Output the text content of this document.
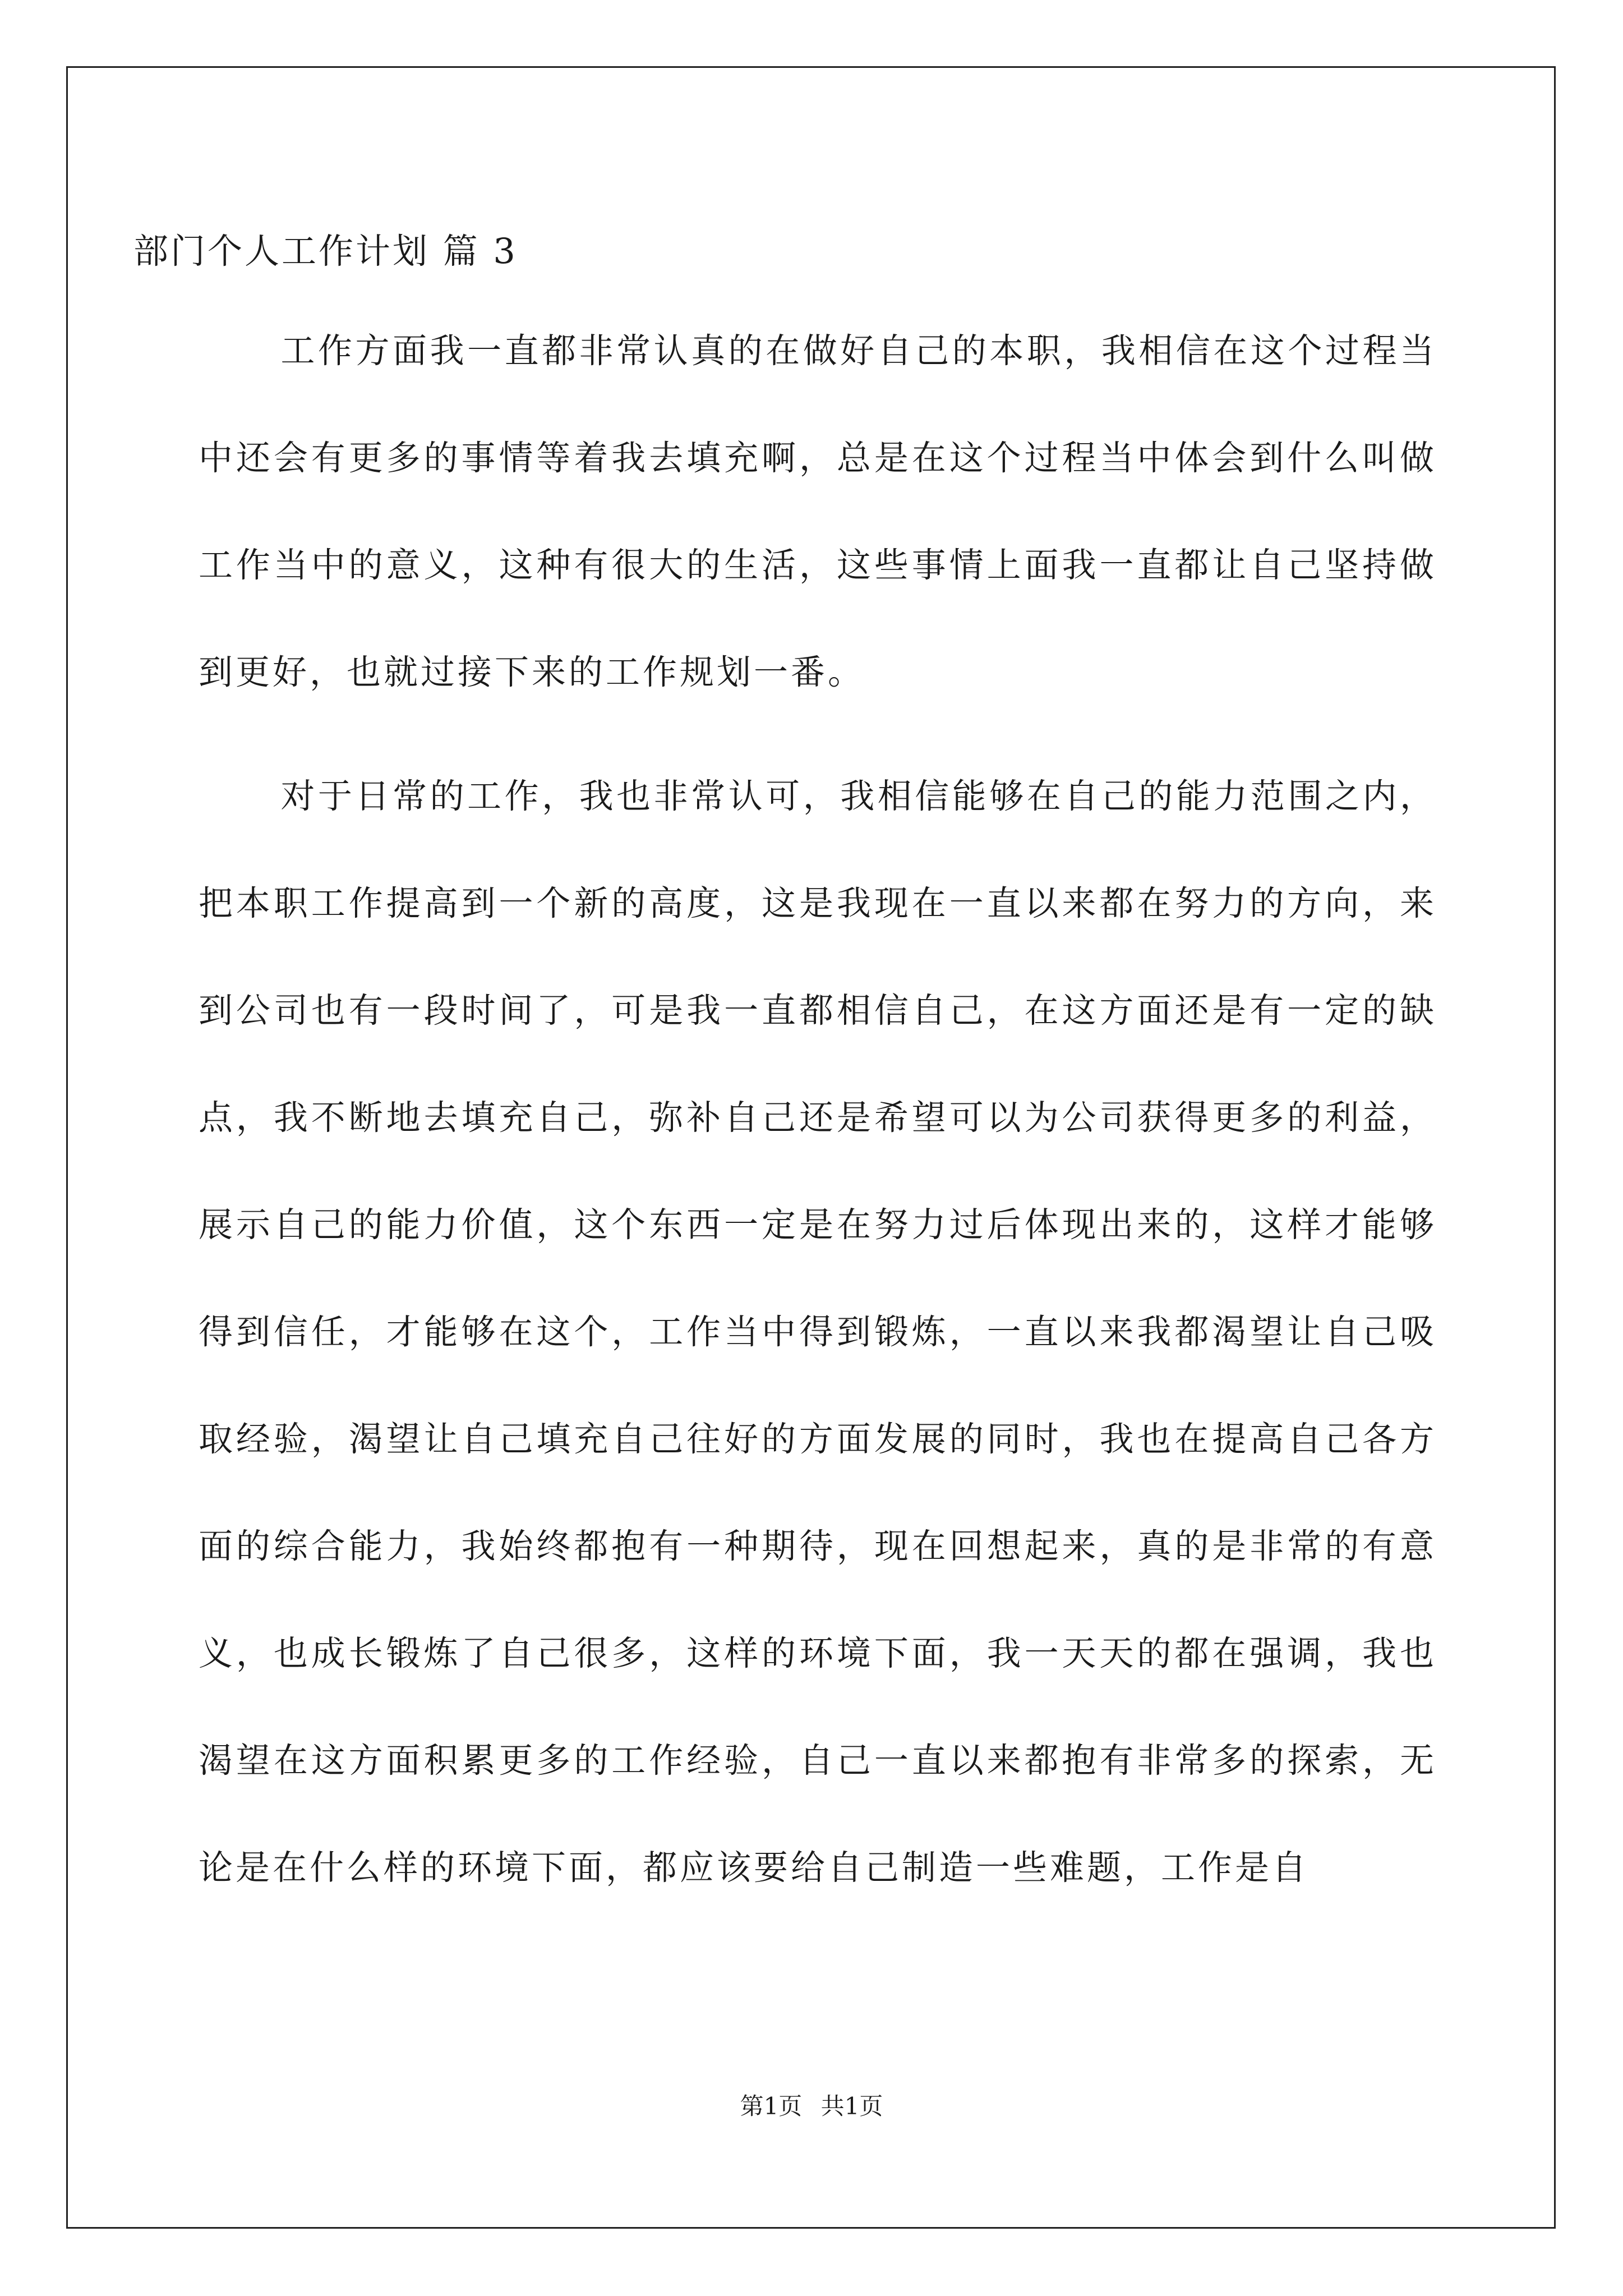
部门个人工作计划 篇 3

工作方面我一直都非常认真的在做好自己的本职，我相信在这个过程当中还会有更多的事情等着我去填充啊，总是在这个过程当中体会到什么叫做工作当中的意义，这种有很大的生活，这些事情上面我一直都让自己坚持做到更好，也就过接下来的工作规划一番。

对于日常的工作，我也非常认可，我相信能够在自己的能力范围之内，把本职工作提高到一个新的高度，这是我现在一直以来都在努力的方向，来到公司也有一段时间了，可是我一直都相信自己，在这方面还是有一定的缺点，我不断地去填充自己，弥补自己还是希望可以为公司获得更多的利益，展示自己的能力价值，这个东西一定是在努力过后体现出来的，这样才能够得到信任，才能够在这个，工作当中得到锻炼，一直以来我都渴望让自己吸取经验，渴望让自己填充自己往好的方面发展的同时，我也在提高自己各方面的综合能力，我始终都抱有一种期待，现在回想起来，真的是非常的有意义，也成长锻炼了自己很多，这样的环境下面，我一天天的都在强调，我也渴望在这方面积累更多的工作经验，自己一直以来都抱有非常多的探索，无论是在什么样的环境下面，都应该要给自己制造一些难题，工作是自

第1页 共1页
